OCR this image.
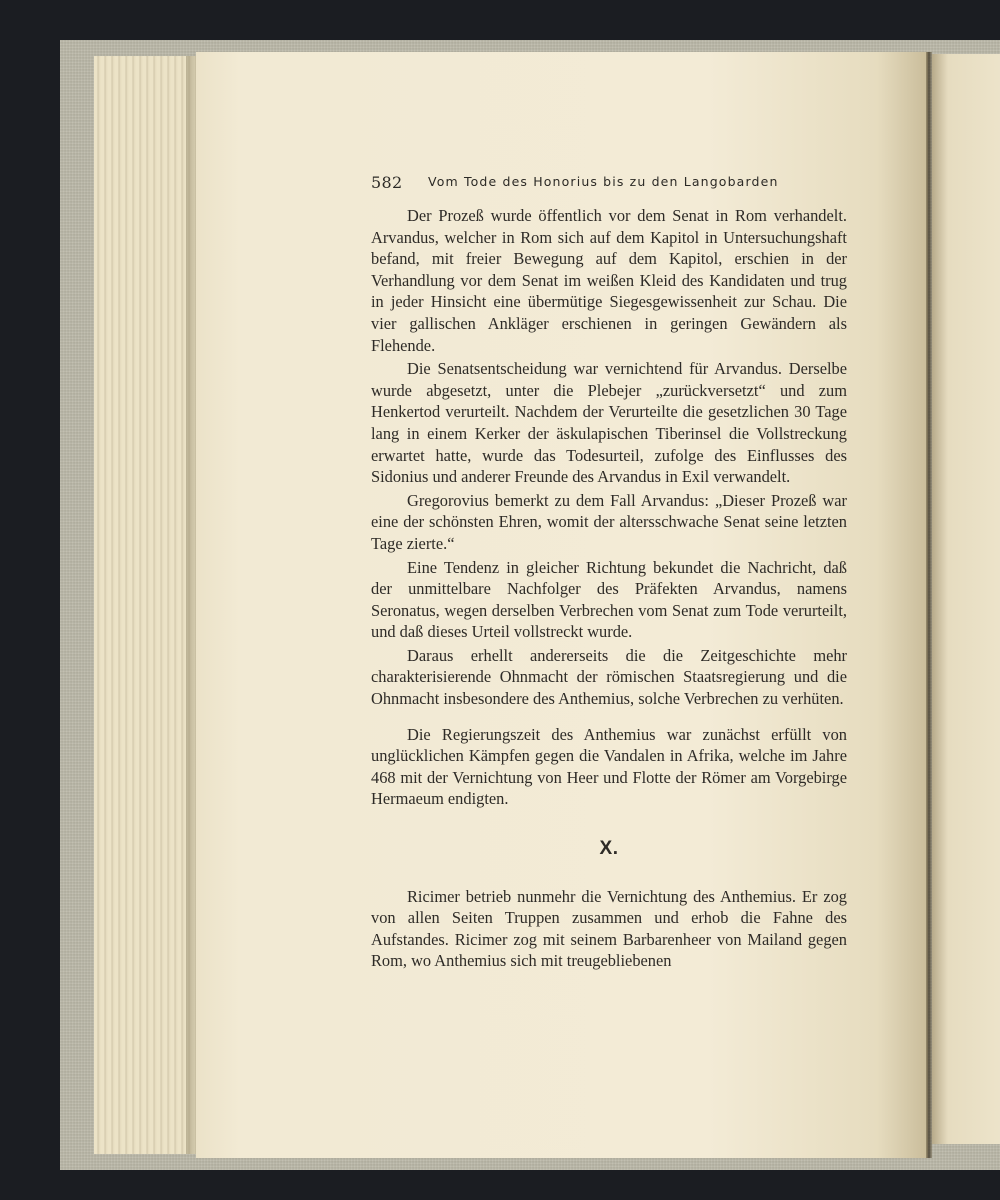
582 Vom Tode des Honorius bis zu den Langobarden

Der Prozeß wurde öffentlich vor dem Senat in Rom verhandelt. Arvandus, welcher in Rom sich auf dem Kapitol in Untersuchungshaft befand, mit freier Bewegung auf dem Kapitol, erschien in der Verhandlung vor dem Senat im weißen Kleid des Kandidaten und trug in jeder Hinsicht eine übermütige Siegesgewissenheit zur Schau. Die vier gallischen Ankläger erschienen in geringen Gewändern als Flehende.

Die Senatsentscheidung war vernichtend für Arvandus. Derselbe wurde abgesetzt, unter die Plebejer „zurückversetzt“ und zum Henkertod verurteilt. Nachdem der Verurteilte die gesetzlichen 30 Tage lang in einem Kerker der äskulapischen Tiberinsel die Vollstreckung erwartet hatte, wurde das Todesurteil, zufolge des Einflusses des Sidonius und anderer Freunde des Arvandus in Exil verwandelt.

Gregorovius bemerkt zu dem Fall Arvandus: „Dieser Prozeß war eine der schönsten Ehren, womit der altersschwache Senat seine letzten Tage zierte.“

Eine Tendenz in gleicher Richtung bekundet die Nachricht, daß der unmittelbare Nachfolger des Präfekten Arvandus, namens Seronatus, wegen derselben Verbrechen vom Senat zum Tode verurteilt, und daß dieses Urteil vollstreckt wurde.

Daraus erhellt andererseits die die Zeitgeschichte mehr charakterisierende Ohnmacht der römischen Staatsregierung und die Ohnmacht insbesondere des Anthemius, solche Verbrechen zu verhüten.

Die Regierungszeit des Anthemius war zunächst erfüllt von unglücklichen Kämpfen gegen die Vandalen in Afrika, welche im Jahre 468 mit der Vernichtung von Heer und Flotte der Römer am Vorgebirge Hermaeum endigten.

X.

Ricimer betrieb nunmehr die Vernichtung des Anthemius. Er zog von allen Seiten Truppen zusammen und erhob die Fahne des Aufstandes. Ricimer zog mit seinem Barbarenheer von Mailand gegen Rom, wo Anthemius sich mit treugebliebenen
